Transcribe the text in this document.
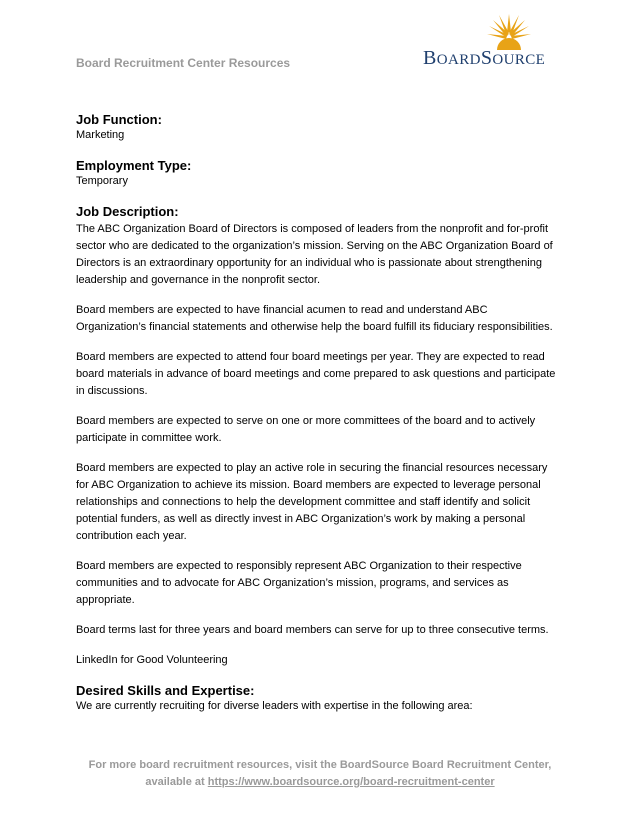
Board Recruitment Center Resources	BOARDSOURCE

Job Function:

Marketing

Employment Type:

Temporary

Job Description:

The ABC Organization Board of Directors is composed of leaders from the nonprofit and for-profit sector who are dedicated to the organization’s mission. Serving on the ABC Organization Board of Directors is an extraordinary opportunity for an individual who is passionate about strengthening leadership and governance in the nonprofit sector.

Board members are expected to have financial acumen to read and understand ABC Organization’s financial statements and otherwise help the board fulfill its fiduciary responsibilities.

Board members are expected to attend four board meetings per year. They are expected to read board materials in advance of board meetings and come prepared to ask questions and participate in discussions.

Board members are expected to serve on one or more committees of the board and to actively participate in committee work.

Board members are expected to play an active role in securing the financial resources necessary for ABC Organization to achieve its mission. Board members are expected to leverage personal relationships and connections to help the development committee and staff identify and solicit potential funders, as well as directly invest in ABC Organization’s work by making a personal contribution each year.

Board members are expected to responsibly represent ABC Organization to their respective communities and to advocate for ABC Organization’s mission, programs, and services as appropriate.

Board terms last for three years and board members can serve for up to three consecutive terms.

LinkedIn for Good Volunteering

Desired Skills and Expertise:

We are currently recruiting for diverse leaders with expertise in the following area:

For more board recruitment resources, visit the BoardSource Board Recruitment Center,
available at https://www.boardsource.org/board-recruitment-center
